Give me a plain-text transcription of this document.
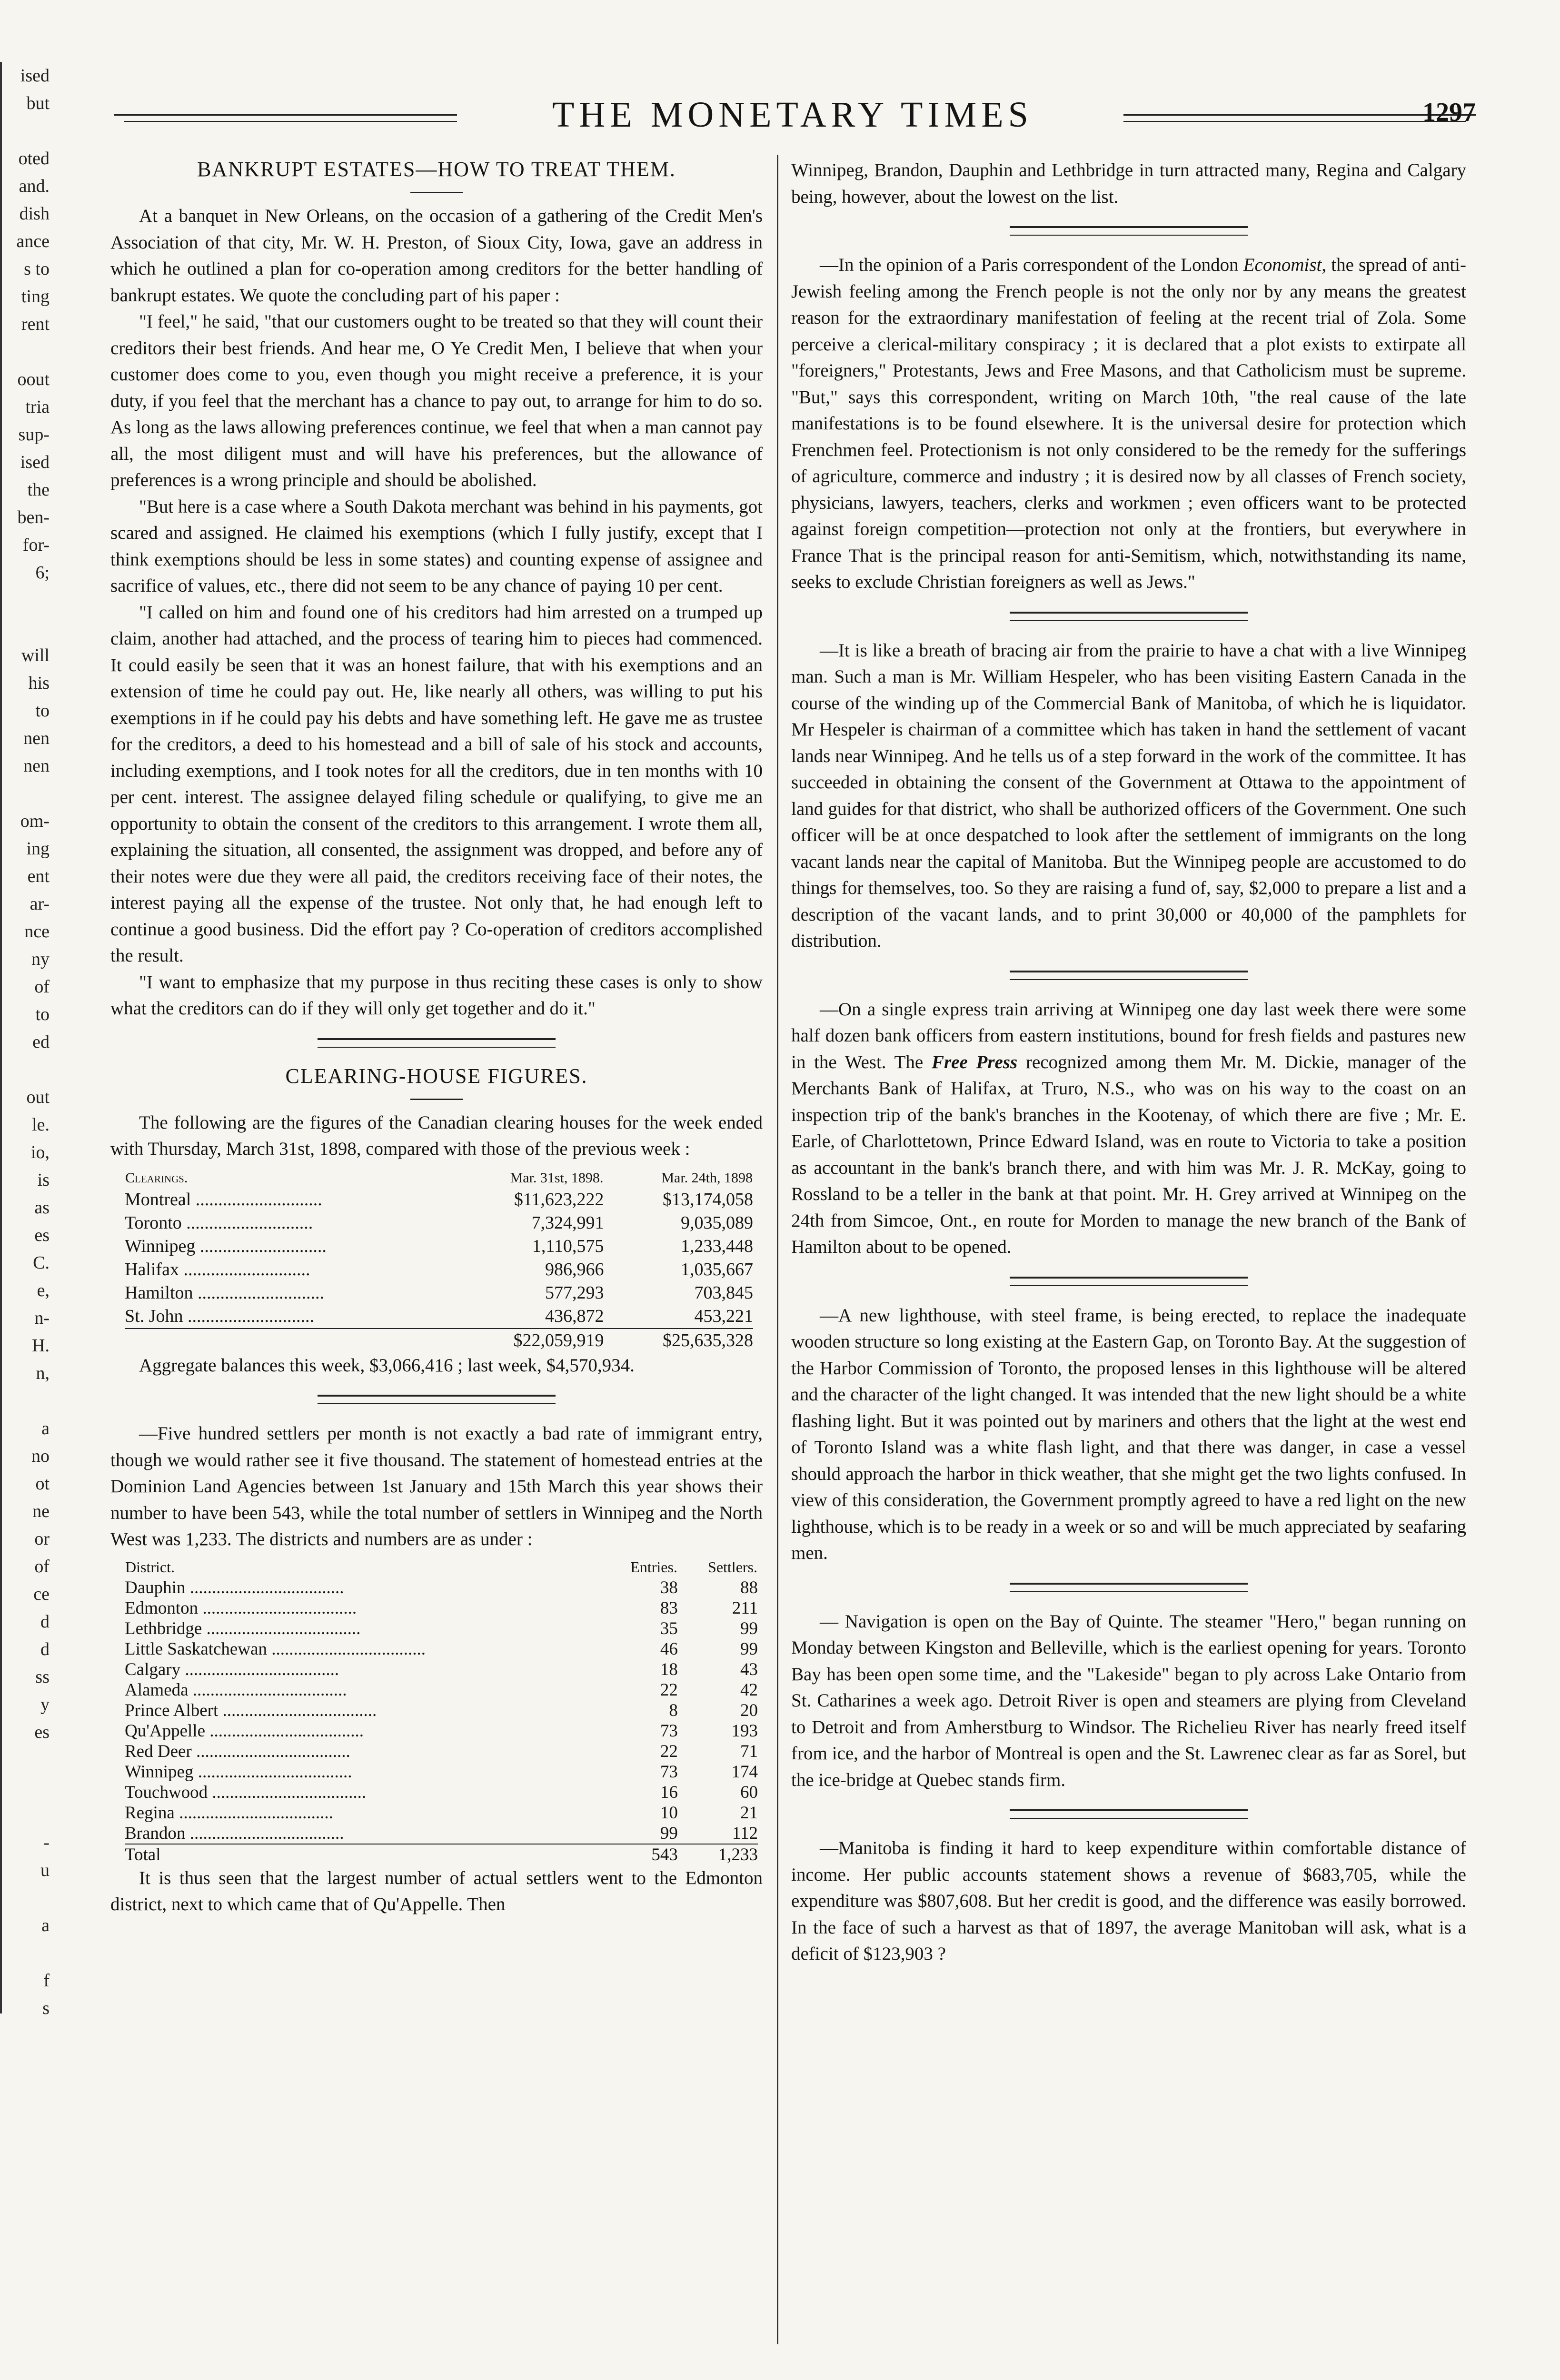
ised
but

oted
and.
dish
ance
s to
ting
rent

oout
tria
sup-
ised
the
ben-
for-
6;

will
his
to
nen
nen

om-
ing
ent
ar-
nce
ny
of
to
ed

out
le.
io,
is
as
es
C.
e,
n-
H.
n,

a
no
ot
ne
or
of
ce
d
d
ss
y
es

-
u

a

f
s
THE MONETARY TIMES	1297
BANKRUPT ESTATES—HOW TO TREAT THEM.

At a banquet in New Orleans, on the occasion of a gathering of the Credit Men's Association of that city, Mr. W. H. Preston, of Sioux City, Iowa, gave an address in which he outlined a plan for co-operation among creditors for the better handling of bankrupt estates. We quote the concluding part of his paper :

"I feel," he said, "that our customers ought to be treated so that they will count their creditors their best friends. And hear me, O Ye Credit Men, I believe that when your customer does come to you, even though you might receive a preference, it is your duty, if you feel that the merchant has a chance to pay out, to arrange for him to do so. As long as the laws allowing preferences continue, we feel that when a man cannot pay all, the most diligent must and will have his preferences, but the allowance of preferences is a wrong principle and should be abolished.

"But here is a case where a South Dakota merchant was behind in his payments, got scared and assigned. He claimed his exemptions (which I fully justify, except that I think exemptions should be less in some states) and counting expense of assignee and sacrifice of values, etc., there did not seem to be any chance of paying 10 per cent.

"I called on him and found one of his creditors had him arrested on a trumped up claim, another had attached, and the process of tearing him to pieces had commenced. It could easily be seen that it was an honest failure, that with his exemptions and an extension of time he could pay out. He, like nearly all others, was willing to put his exemptions in if he could pay his debts and have something left. He gave me as trustee for the creditors, a deed to his homestead and a bill of sale of his stock and accounts, including exemptions, and I took notes for all the creditors, due in ten months with 10 per cent. interest. The assignee delayed filing schedule or qualifying, to give me an opportunity to obtain the consent of the creditors to this arrangement. I wrote them all, explaining the situation, all consented, the assignment was dropped, and before any of their notes were due they were all paid, the creditors receiving face of their notes, the interest paying all the expense of the trustee. Not only that, he had enough left to continue a good business. Did the effort pay ? Co-operation of creditors accomplished the result.

"I want to emphasize that my purpose in thus reciting these cases is only to show what the creditors can do if they will only get together and do it."

CLEARING-HOUSE FIGURES.

The following are the figures of the Canadian clearing houses for the week ended with Thursday, March 31st, 1898, compared with those of the previous week :

Clearings.	Mar. 31st, 1898.	Mar. 24th, 1898
Montreal ............................	$11,623,222	$13,174,058
Toronto ............................	7,324,991	9,035,089
Winnipeg ............................	1,110,575	1,233,448
Halifax ............................	986,966	1,035,667
Hamilton ............................	577,293	703,845
St. John ............................	436,872	453,221
	$22,059,919	$25,635,328

Aggregate balances this week, $3,066,416 ; last week, $4,570,934.

—Five hundred settlers per month is not exactly a bad rate of immigrant entry, though we would rather see it five thousand. The statement of homestead entries at the Dominion Land Agencies between 1st January and 15th March this year shows their number to have been 543, while the total number of settlers in Winnipeg and the North West was 1,233. The districts and numbers are as under :

District.	Entries.	Settlers.
Dauphin ...................................	38	88
Edmonton ...................................	83	211
Lethbridge ...................................	35	99
Little Saskatchewan ...................................	46	99
Calgary ...................................	18	43
Alameda ...................................	22	42
Prince Albert ...................................	8	20
Qu'Appelle ...................................	73	193
Red Deer ...................................	22	71
Winnipeg ...................................	73	174
Touchwood ...................................	16	60
Regina ...................................	10	21
Brandon ...................................	99	112
Total	543	1,233

It is thus seen that the largest number of actual settlers went to the Edmonton district, next to which came that of Qu'Appelle. Then

Winnipeg, Brandon, Dauphin and Lethbridge in turn attracted many, Regina and Calgary being, however, about the lowest on the list.

—In the opinion of a Paris correspondent of the London Economist, the spread of anti-Jewish feeling among the French people is not the only nor by any means the greatest reason for the extraordinary manifestation of feeling at the recent trial of Zola. Some perceive a clerical-military conspiracy ; it is declared that a plot exists to extirpate all "foreigners," Protestants, Jews and Free Masons, and that Catholicism must be supreme. "But," says this correspondent, writing on March 10th, "the real cause of the late manifestations is to be found elsewhere. It is the universal desire for protection which Frenchmen feel. Protectionism is not only considered to be the remedy for the sufferings of agriculture, commerce and industry ; it is desired now by all classes of French society, physicians, lawyers, teachers, clerks and workmen ; even officers want to be protected against foreign competition—protection not only at the frontiers, but everywhere in France That is the principal reason for anti-Semitism, which, notwithstanding its name, seeks to exclude Christian foreigners as well as Jews."

—It is like a breath of bracing air from the prairie to have a chat with a live Winnipeg man. Such a man is Mr. William Hespeler, who has been visiting Eastern Canada in the course of the winding up of the Commercial Bank of Manitoba, of which he is liquidator. Mr Hespeler is chairman of a committee which has taken in hand the settlement of vacant lands near Winnipeg. And he tells us of a step forward in the work of the committee. It has succeeded in obtaining the consent of the Government at Ottawa to the appointment of land guides for that district, who shall be authorized officers of the Government. One such officer will be at once despatched to look after the settlement of immigrants on the long vacant lands near the capital of Manitoba. But the Winnipeg people are accustomed to do things for themselves, too. So they are raising a fund of, say, $2,000 to prepare a list and a description of the vacant lands, and to print 30,000 or 40,000 of the pamphlets for distribution.

—On a single express train arriving at Winnipeg one day last week there were some half dozen bank officers from eastern institutions, bound for fresh fields and pastures new in the West. The Free Press recognized among them Mr. M. Dickie, manager of the Merchants Bank of Halifax, at Truro, N.S., who was on his way to the coast on an inspection trip of the bank's branches in the Kootenay, of which there are five ; Mr. E. Earle, of Charlottetown, Prince Edward Island, was en route to Victoria to take a position as accountant in the bank's branch there, and with him was Mr. J. R. McKay, going to Rossland to be a teller in the bank at that point. Mr. H. Grey arrived at Winnipeg on the 24th from Simcoe, Ont., en route for Morden to manage the new branch of the Bank of Hamilton about to be opened.

—A new lighthouse, with steel frame, is being erected, to replace the inadequate wooden structure so long existing at the Eastern Gap, on Toronto Bay. At the suggestion of the Harbor Commission of Toronto, the proposed lenses in this lighthouse will be altered and the character of the light changed. It was intended that the new light should be a white flashing light. But it was pointed out by mariners and others that the light at the west end of Toronto Island was a white flash light, and that there was danger, in case a vessel should approach the harbor in thick weather, that she might get the two lights confused. In view of this consideration, the Government promptly agreed to have a red light on the new lighthouse, which is to be ready in a week or so and will be much appreciated by seafaring men.

— Navigation is open on the Bay of Quinte. The steamer "Hero," began running on Monday between Kingston and Belleville, which is the earliest opening for years. Toronto Bay has been open some time, and the "Lakeside" began to ply across Lake Ontario from St. Catharines a week ago. Detroit River is open and steamers are plying from Cleveland to Detroit and from Amherstburg to Windsor. The Richelieu River has nearly freed itself from ice, and the harbor of Montreal is open and the St. Lawrenec clear as far as Sorel, but the ice-bridge at Quebec stands firm.

—Manitoba is finding it hard to keep expenditure within comfortable distance of income. Her public accounts statement shows a revenue of $683,705, while the expenditure was $807,608. But her credit is good, and the difference was easily borrowed. In the face of such a harvest as that of 1897, the average Manitoban will ask, what is a deficit of $123,903 ?
